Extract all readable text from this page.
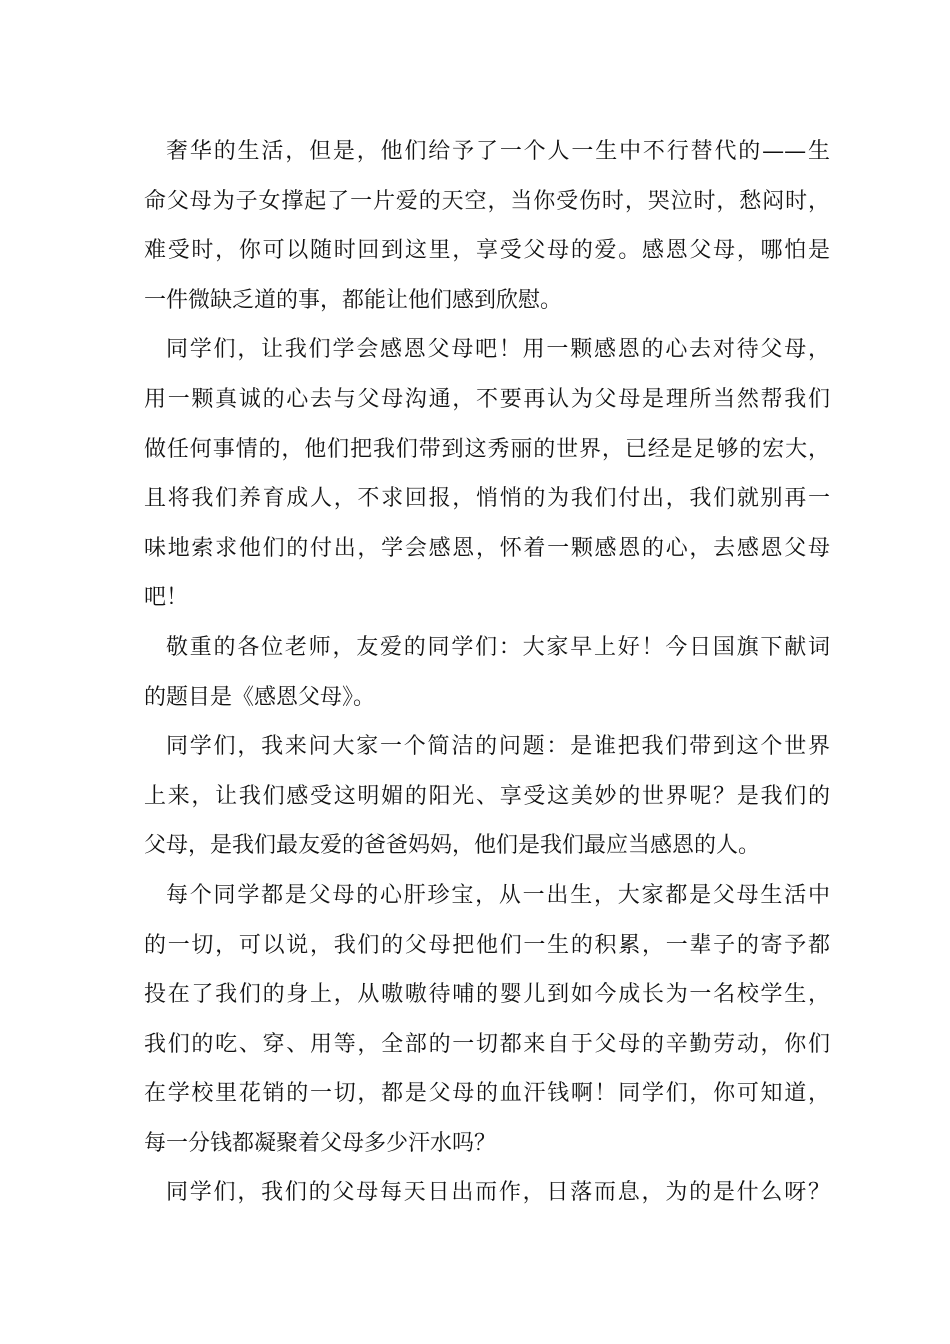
奢华的生活，但是，他们给予了一个人一生中不行替代的——生
命父母为子女撑起了一片爱的天空，当你受伤时，哭泣时，愁闷时，
难受时，你可以随时回到这里，享受父母的爱。感恩父母，哪怕是
一件微缺乏道的事，都能让他们感到欣慰。
同学们，让我们学会感恩父母吧！用一颗感恩的心去对待父母，
用一颗真诚的心去与父母沟通，不要再认为父母是理所当然帮我们
做任何事情的，他们把我们带到这秀丽的世界，已经是足够的宏大，
且将我们养育成人，不求回报，悄悄的为我们付出，我们就别再一
味地索求他们的付出，学会感恩，怀着一颗感恩的心，去感恩父母
吧！
敬重的各位老师，友爱的同学们：大家早上好！今日国旗下献词
的题目是《感恩父母》。
同学们，我来问大家一个简洁的问题：是谁把我们带到这个世界
上来，让我们感受这明媚的阳光、享受这美妙的世界呢？是我们的
父母，是我们最友爱的爸爸妈妈，他们是我们最应当感恩的人。
每个同学都是父母的心肝珍宝，从一出生，大家都是父母生活中
的一切，可以说，我们的父母把他们一生的积累，一辈子的寄予都
投在了我们的身上，从嗷嗷待哺的婴儿到如今成长为一名校学生，
我们的吃、穿、用等，全部的一切都来自于父母的辛勤劳动，你们
在学校里花销的一切，都是父母的血汗钱啊！同学们，你可知道，
每一分钱都凝聚着父母多少汗水吗？
同学们，我们的父母每天日出而作，日落而息，为的是什么呀？
